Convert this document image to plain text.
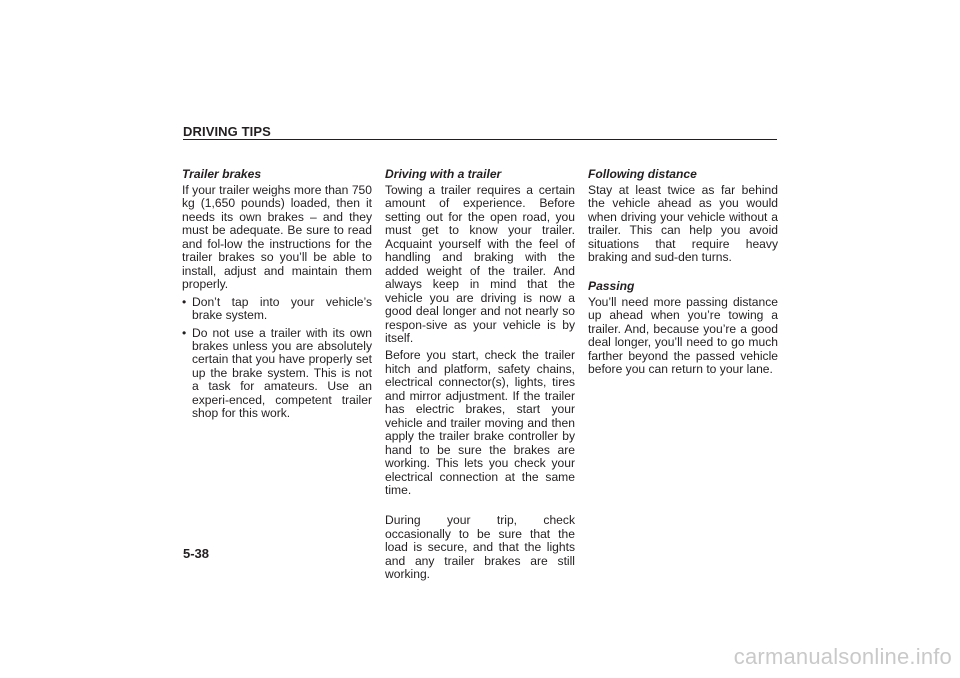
DRIVING TIPS
Trailer brakes
If your trailer weighs more than 750 kg (1,650 pounds) loaded, then it needs its own brakes – and they must be adequate. Be sure to read and fol-low the instructions for the trailer brakes so you’ll be able to install, adjust and maintain them properly.
• Don’t tap into your vehicle’s brake system.
• Do not use a trailer with its own brakes unless you are absolutely certain that you have properly set up the brake system. This is not a task for amateurs. Use an experi-enced, competent trailer shop for this work.
Driving with a trailer
Towing a trailer requires a certain amount of experience. Before setting out for the open road, you must get to know your trailer. Acquaint yourself with the feel of handling and braking with the added weight of the trailer. And always keep in mind that the vehicle you are driving is now a good deal longer and not nearly so respon-sive as your vehicle is by itself.
Before you start, check the trailer hitch and platform, safety chains, electrical connector(s), lights, tires and mirror adjustment. If the trailer has electric brakes, start your vehicle and trailer moving and then apply the trailer brake controller by hand to be sure the brakes are working. This lets you check your electrical connection at the same time.
During your trip, check occasionally to be sure that the load is secure, and that the lights and any trailer brakes are still working.
Following distance
Stay at least twice as far behind the vehicle ahead as you would when driving your vehicle without a trailer. This can help you avoid situations that require heavy braking and sud-den turns.
Passing
You’ll need more passing distance up ahead when you’re towing a trailer. And, because you’re a good deal longer, you’ll need to go much farther beyond the passed vehicle before you can return to your lane.
5-38
carmanualsonline.info
